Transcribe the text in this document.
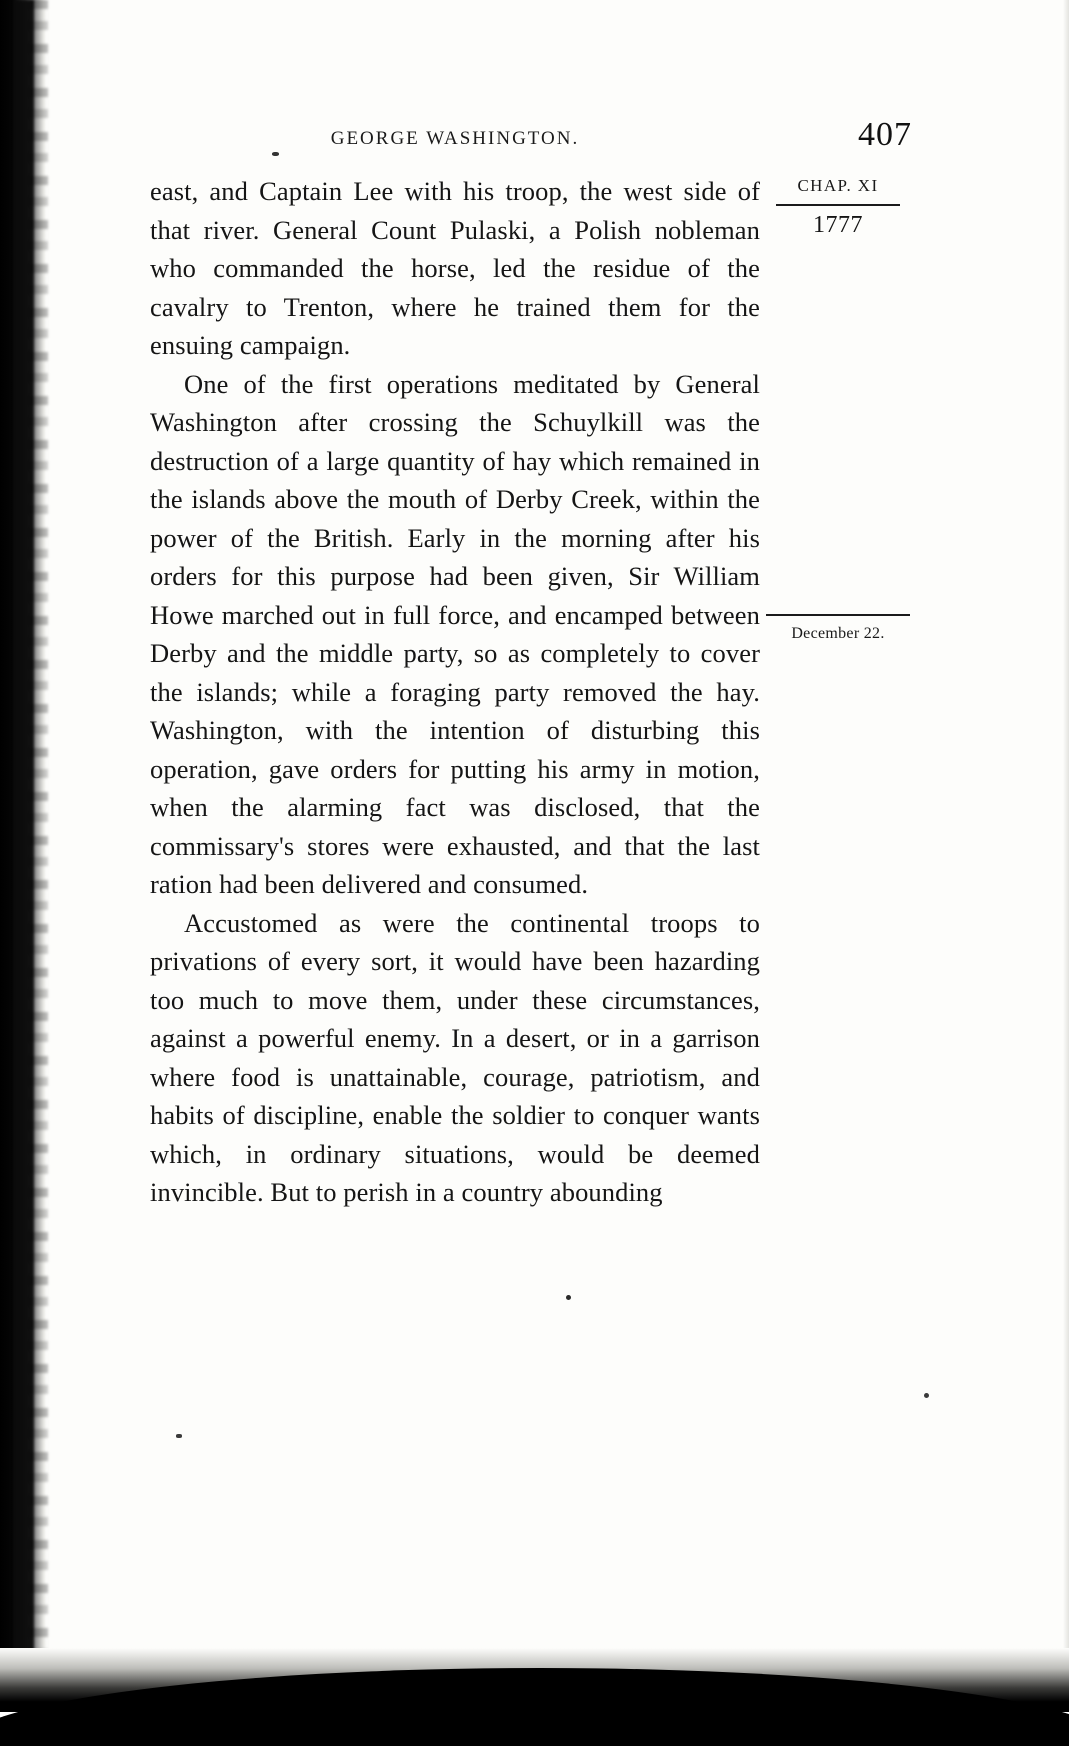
GEORGE WASHINGTON.	407

east, and Captain Lee with his troop, the west side of that river. General Count Pulaski, a Polish nobleman who commanded the horse, led the residue of the cavalry to Trenton, where he trained them for the ensuing campaign.

One of the first operations meditated by General Washington after crossing the Schuylkill was the destruction of a large quantity of hay which remained in the islands above the mouth of Derby Creek, within the power of the British. Early in the morning after his orders for this purpose had been given, Sir William Howe marched out in full force, and encamped between Derby and the middle party, so as completely to cover the islands; while a foraging party removed the hay. Washington, with the intention of disturbing this operation, gave orders for putting his army in motion, when the alarming fact was disclosed, that the commissary's stores were exhausted, and that the last ration had been delivered and consumed.

Accustomed as were the continental troops to privations of every sort, it would have been hazarding too much to move them, under these circumstances, against a powerful enemy. In a desert, or in a garrison where food is unattainable, courage, patriotism, and habits of discipline, enable the soldier to conquer wants which, in ordinary situations, would be deemed invincible. But to perish in a country abounding

CHAP. XI
1777
December 22.
